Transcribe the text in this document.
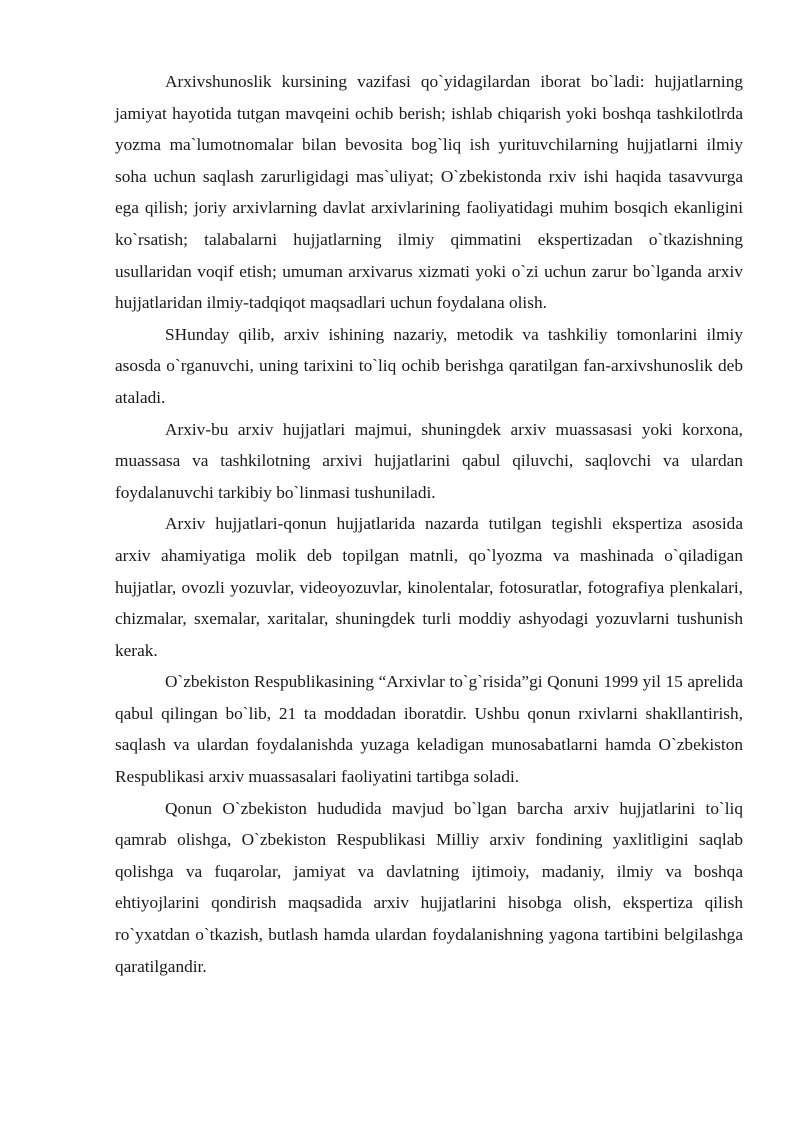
Arxivshunoslik kursining vazifasi qo`yidagilardan iborat bo`ladi: hujjatlarning jamiyat hayotida tutgan mavqeini ochib berish; ishlab chiqarish yoki boshqa tashkilotlrda yozma ma`lumotnomalar bilan bevosita bog`liq ish yurituvchilarning hujjatlarni ilmiy soha uchun saqlash zarurligidagi mas`uliyat; O`zbekistonda rxiv ishi haqida tasavvurga ega qilish; joriy arxivlarning davlat arxivlarining faoliyatidagi muhim bosqich ekanligini ko`rsatish; talabalarni hujjatlarning ilmiy qimmatini ekspertizadan o`tkazishning usullaridan voqif etish; umuman arxivarus xizmati yoki o`zi uchun zarur bo`lganda arxiv hujjatlaridan ilmiy-tadqiqot maqsadlari uchun foydalana olish.

SHunday qilib, arxiv ishining nazariy, metodik va tashkiliy tomonlarini ilmiy asosda o`rganuvchi, uning tarixini to`liq ochib berishga qaratilgan fan-arxivshunoslik deb ataladi.

Arxiv-bu arxiv hujjatlari majmui, shuningdek arxiv muassasasi yoki korxona, muassasa va tashkilotning arxivi hujjatlarini qabul qiluvchi, saqlovchi va ulardan foydalanuvchi tarkibiy bo`linmasi tushuniladi.

Arxiv hujjatlari-qonun hujjatlarida nazarda tutilgan tegishli ekspertiza asosida arxiv ahamiyatiga molik deb topilgan matnli, qo`lyozma va mashinada o`qiladigan hujjatlar, ovozli yozuvlar, videoyozuvlar, kinolentalar, fotosuratlar, fotografiya plenkalari, chizmalar, sxemalar, xaritalar, shuningdek turli moddiy ashyodagi yozuvlarni tushunish kerak.

O`zbekiston Respublikasining “Arxivlar to`g`risida”gi Qonuni 1999 yil 15 aprelida qabul qilingan bo`lib, 21 ta moddadan iboratdir. Ushbu qonun rxivlarni shakllantirish, saqlash va ulardan foydalanishda yuzaga keladigan munosabatlarni hamda O`zbekiston Respublikasi arxiv muassasalari faoliyatini tartibga soladi.

Qonun O`zbekiston hududida mavjud bo`lgan barcha arxiv hujjatlarini to`liq qamrab olishga, O`zbekiston Respublikasi Milliy arxiv fondining yaxlitligini saqlab qolishga va fuqarolar, jamiyat va davlatning ijtimoiy, madaniy, ilmiy va boshqa ehtiyojlarini qondirish maqsadida arxiv hujjatlarini hisobga olish, ekspertiza qilish ro`yxatdan o`tkazish, butlash hamda ulardan foydalanishning yagona tartibini belgilashga qaratilgandir.
